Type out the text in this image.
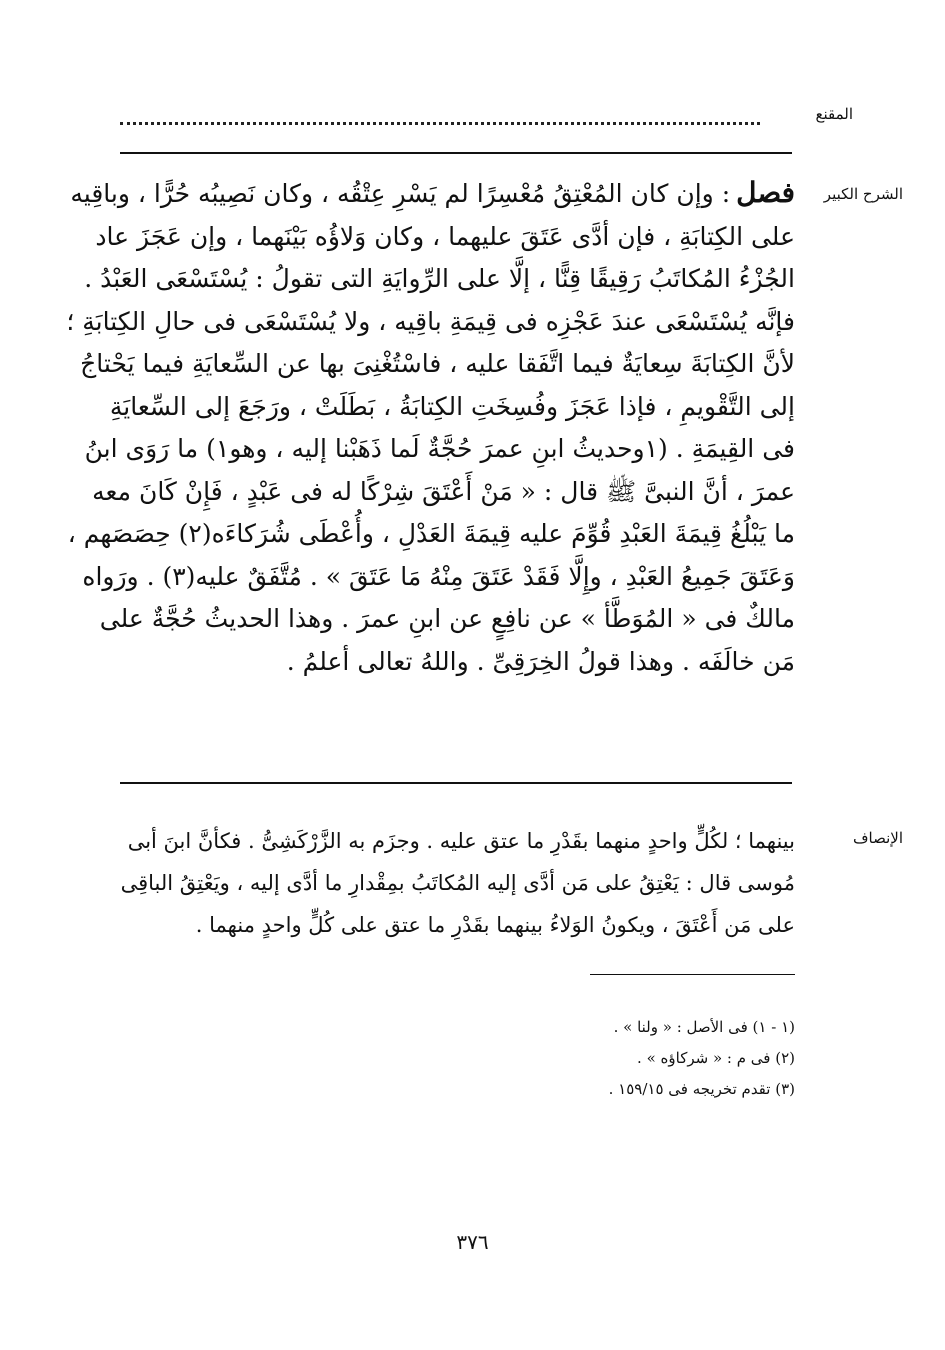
المقنع
الشرح الكبير

فصل: وإن كان المُعْتِقُ مُعْسِرًا لم يَسْرِ عِتْقُه ، وكان نَصِيبُه حُرًّا ، وباقِيه

على الكِتابَةِ ، فإن أدَّى عَتَقَ عليهما ، وكان وَلاؤُه بَيْنَهما ، وإن عَجَزَ عاد

الجُزْءُ المُكاتَبُ رَقِيقًا قِنًّا ، إلَّا على الرِّوايَةِ التى تقولُ : يُسْتَسْعَى العَبْدُ .

فإنَّه يُسْتَسْعَى عندَ عَجْزِه فى قِيمَةِ باقِيه ، ولا يُسْتَسْعَى فى حالِ الكِتابَةِ ؛

لأنَّ الكِتابَةَ سِعايَةٌ فيما اتَّفَقا عليه ، فاسْتُغْنِىَ بها عن السِّعايَةِ فيما يَحْتاجُ

إلى التَّقْويمِ ، فإذا عَجَزَ وفُسِخَتِ الكِتابَةُ ، بَطَلَتْ ، ورَجَعَ إلى السِّعايَةِ

فى القِيمَةِ . (١وحديثُ ابنِ عمرَ حُجَّةٌ لَما ذَهَبْنا إليه ، وهو١) ما رَوَى ابنُ

عمرَ ، أنَّ النبىَّ ﷺ قال : « مَنْ أَعْتَقَ شِرْكًا له فى عَبْدٍ ، فَإِنْ كَانَ معه

ما يَبْلُغُ قِيمَةَ العَبْدِ قُوِّمَ عليه قِيمَةَ العَدْلِ ، وأُعْطَى شُرَكاءَه(٢) حِصَصَهم ،

وَعَتَقَ جَمِيعُ العَبْدِ ، وإِلَّا فَقَدْ عَتَقَ مِنْهُ مَا عَتَقَ » . مُتَّفَقٌ عليه(٣) . ورَواه

مالكٌ فى « المُوَطَّأ » عن نافِعٍ عن ابنِ عمرَ . وهذا الحديثُ حُجَّةٌ على

مَن خالَفَه . وهذا قولُ الخِرَقِىِّ . واللهُ تعالى أعلمُ .

الإنصاف

بينهما ؛ لكُلٍّ واحدٍ منهما بقَدْرِ ما عتق عليه . وجزَم به الزَّرْكَشِىُّ . فكأنَّ ابنَ أبى

مُوسى قال : يَعْتِقُ على مَن أدَّى إليه المُكاتَبُ بمِقْدارِ ما أدَّى إليه ، ويَعْتِقُ الباقِى

على مَن أَعْتَقَ ، ويكونُ الوَلاءُ بينهما بقَدْرِ ما عتق على كُلٍّ واحدٍ منهما .

(١ - ١) فى الأصل : « ولنا » .

(٢) فى م : « شركاؤه » .

(٣) تقدم تخريجه فى ١٥٩/١٥ .

٣٧٦
